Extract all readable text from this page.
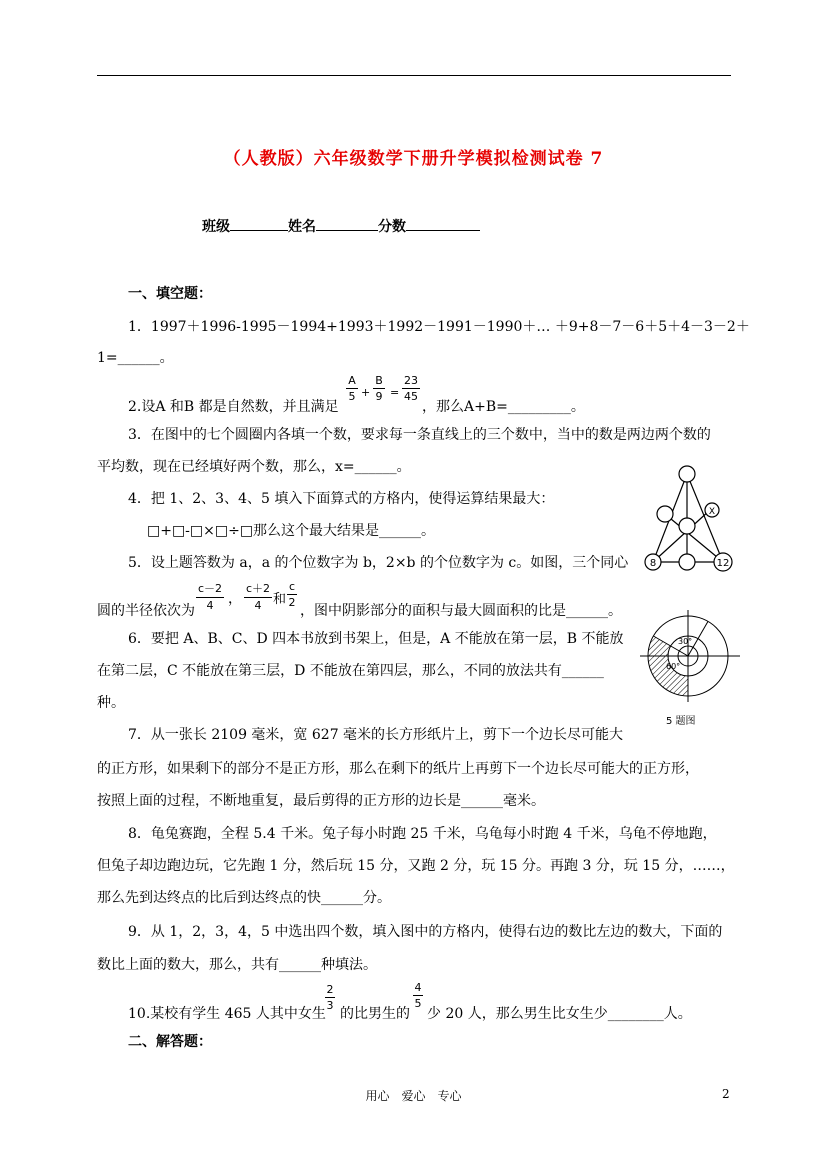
（人教版）六年级数学下册升学模拟检测试卷 7
班级	姓名	分数
一、填空题：
1．1997＋1996-1995－1994+1993＋1992－1991－1990＋… ＋9+8－7－6＋5＋4－3－2＋
1=______。
2.设A 和B 都是自然数，并且满足
A
5 +
B
9 =
23
45
，那么A+B=_________。
3．在图中的七个圆圈内各填一个数，要求每一条直线上的三个数中，当中的数是两边两个数的
平均数，现在已经填好两个数，那么，x=______。
4．把 1、2、3、4、5 填入下面算式的方格内，使得运算结果最大：
□+□-□×□÷□那么这个最大结果是______。
5．设上题答数为 a，a 的个位数字为 b，2×b 的个位数字为 c。如图，三个同心
圆的半径依次为
c－2
4	，
c＋2
4 和
c
2
，图中阴影部分的面积与最大圆面积的比是______。
6．要把 A、B、C、D 四本书放到书架上，但是，A 不能放在第一层，B 不能放
在第二层，C 不能放在第三层，D 不能放在第四层，那么，不同的放法共有______
种。
7．从一张长 2109 毫米，宽 627 毫米的长方形纸片上，剪下一个边长尽可能大
的正方形，如果剩下的部分不是正方形，那么在剩下的纸片上再剪下一个边长尽可能大的正方形，
按照上面的过程，不断地重复，最后剪得的正方形的边长是______毫米。
8．龟兔赛跑，全程 5.4 千米。兔子每小时跑 25 千米，乌龟每小时跑 4 千米，乌龟不停地跑，
但兔子却边跑边玩，它先跑 1 分，然后玩 15 分，又跑 2 分，玩 15 分。再跑 3 分，玩 15 分，……，
那么先到达终点的比后到达终点的快______分。
9．从 1，2，3，4，5 中选出四个数，填入图中的方格内，使得右边的数比左边的数大，下面的
数比上面的数大，那么，共有______种填法。
10.某校有学生 465 人其中女生
2
3
的比男生的
4
5
少 20 人，那么男生比女生少________人。
二、解答题：
X
8	12
30°
60°
5 题图
用心　爱心　专心	2
